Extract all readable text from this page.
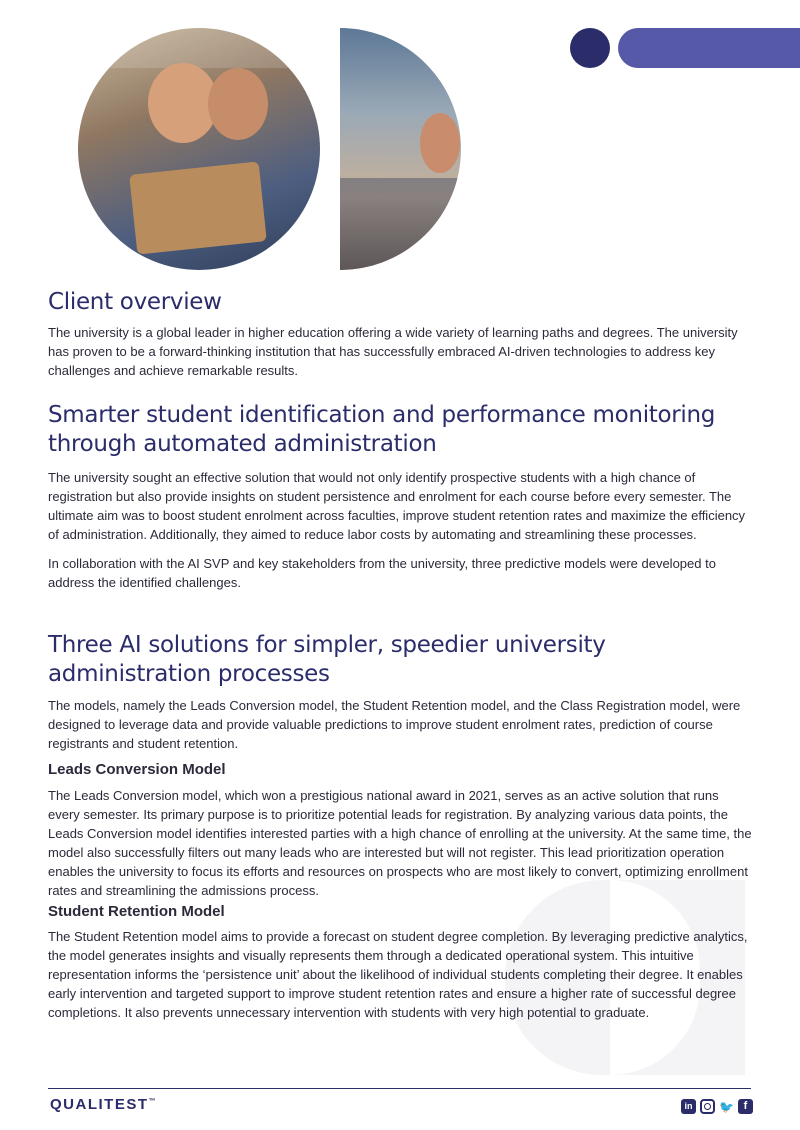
Client overview

The university is a global leader in higher education offering a wide variety of learning paths and degrees. The university has proven to be a forward-thinking institution that has successfully embraced AI-driven technologies to address key challenges and achieve remarkable results.

Smarter student identification and performance monitoring through automated administration

The university sought an effective solution that would not only identify prospective students with a high chance of registration but also provide insights on student persistence and enrolment for each course before every semester. The ultimate aim was to boost student enrolment across faculties, improve student retention rates and maximize the efficiency of administration. Additionally, they aimed to reduce labor costs by automating and streamlining these processes.

In collaboration with the AI SVP and key stakeholders from the university, three predictive models were developed to address the identified challenges.

Three AI solutions for simpler, speedier university administration processes

The models, namely the Leads Conversion model, the Student Retention model, and the Class Registration model, were designed to leverage data and provide valuable predictions to improve student enrolment rates, prediction of course registrants and student retention.

Leads Conversion Model

The Leads Conversion model, which won a prestigious national award in 2021, serves as an active solution that runs every semester. Its primary purpose is to prioritize potential leads for registration. By analyzing various data points, the Leads Conversion model identifies interested parties with a high chance of enrolling at the university. At the same time, the model also successfully filters out many leads who are interested but will not register. This lead prioritization operation enables the university to focus its efforts and resources on prospects who are most likely to convert, optimizing enrollment rates and streamlining the admissions process.

Student Retention Model

The Student Retention model aims to provide a forecast on student degree completion. By leveraging predictive analytics, the model generates insights and visually represents them through a dedicated operational system. This intuitive representation informs the ‘persistence unit’ about the likelihood of individual students completing their degree. It enables early intervention and targeted support to improve student retention rates and ensure a higher rate of successful degree completions. It also prevents unnecessary intervention with students with very high potential to graduate.

QUALITEST™	in 🐦 f
